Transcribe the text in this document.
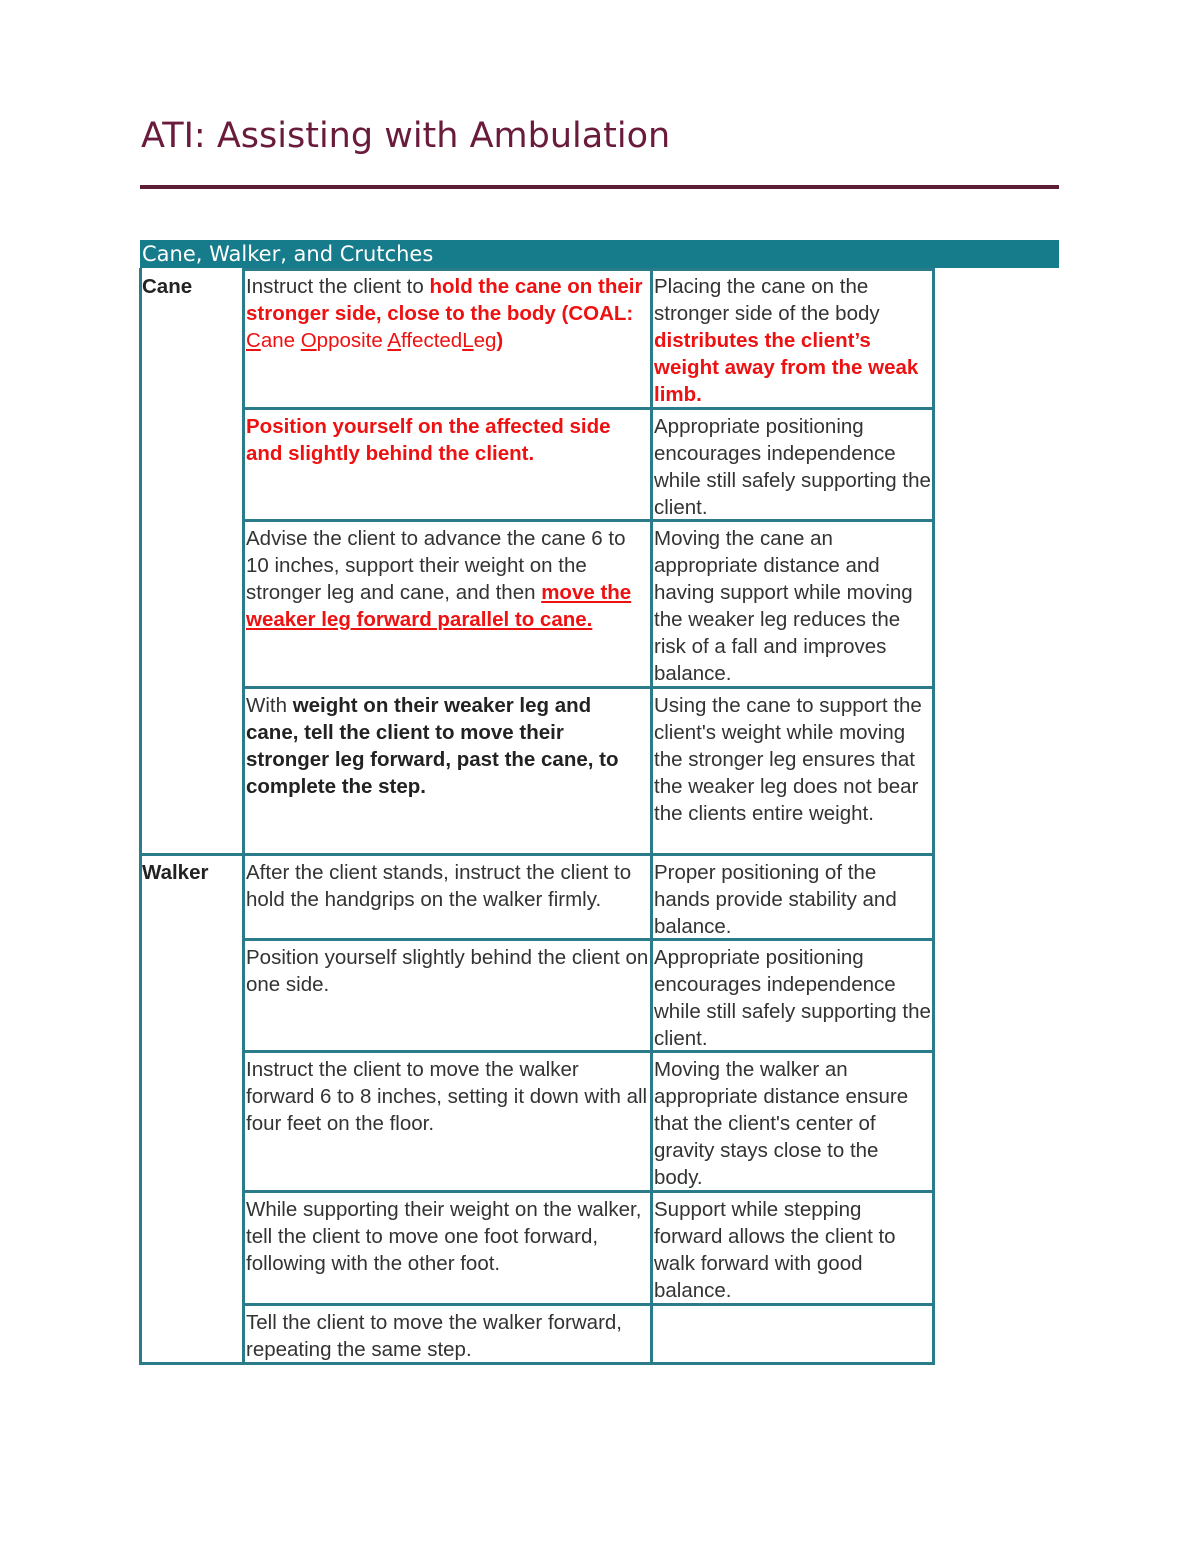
ATI: Assisting with Ambulation
Cane, Walker, and Crutches
Cane	Instruct the client to hold the cane on their stronger side, close to the body (COAL: Cane Opposite AffectedLeg)
Placing the cane on the stronger side of the body distributes the client’s weight away from the weak limb.
Position yourself on the affected side and slightly behind the client.
Appropriate positioning encourages independence while still safely supporting the client.
Advise the client to advance the cane 6 to 10 inches, support their weight on the stronger leg and cane, and then move the weaker leg forward parallel to cane.
Moving the cane an appropriate distance and having support while moving the weaker leg reduces the risk of a fall and improves balance.
With weight on their weaker leg and cane, tell the client to move their stronger leg forward, past the cane, to complete the step.
Using the cane to support the client's weight while moving the stronger leg ensures that the weaker leg does not bear the clients entire weight.
Walker	After the client stands, instruct the client to hold the handgrips on the walker firmly.
Proper positioning of the hands provide stability and balance.
Position yourself slightly behind the client on one side.
Appropriate positioning encourages independence while still safely supporting the client.
Instruct the client to move the walker forward 6 to 8 inches, setting it down with all four feet on the floor.
Moving the walker an appropriate distance ensure that the client's center of gravity stays close to the body.
While supporting their weight on the walker, tell the client to move one foot forward, following with the other foot.
Support while stepping forward allows the client to walk forward with good balance.
Tell the client to move the walker forward, repeating the same step.
